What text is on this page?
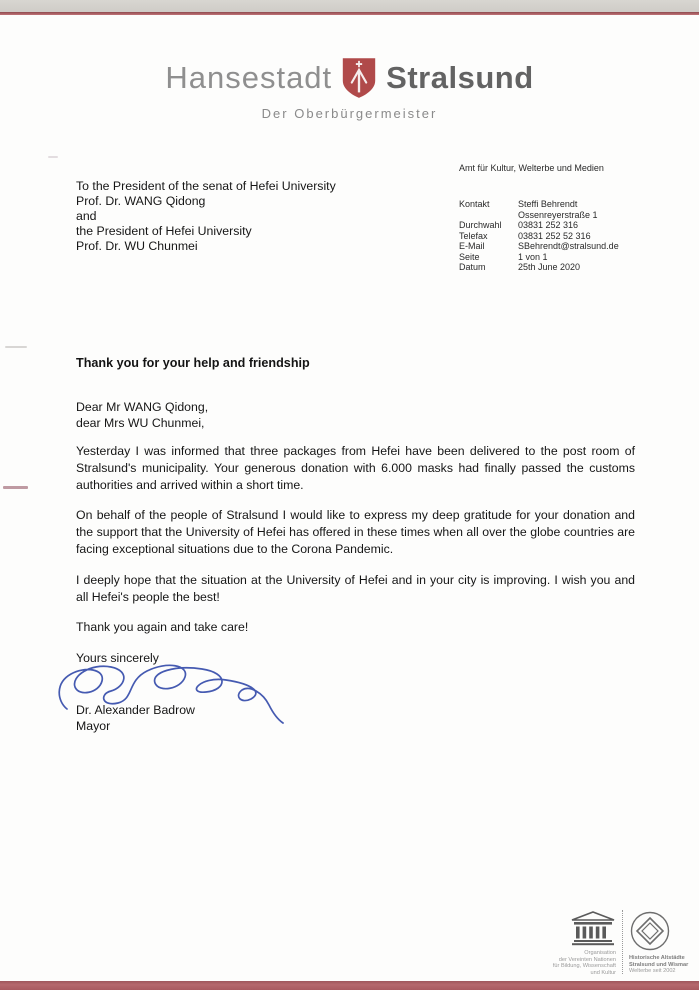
Hansestadt Stralsund
Der Oberbürgermeister
Amt für Kultur, Welterbe und Medien
To the President of the senat of Hefei University
Prof. Dr. WANG Qidong
and
the President of Hefei University
Prof. Dr. WU Chunmei
Kontakt	Steffi Behrendt
Ossenreyerstraße 1
Durchwahl	03831 252 316
Telefax	03831 252 52 316
E-Mail	SBehrendt@stralsund.de
Seite	1 von 1
Datum	25th June 2020
Thank you for your help and friendship
Dear Mr WANG Qidong,
dear Mrs WU Chunmei,

Yesterday I was informed that three packages from Hefei have been delivered to the post room of Stralsund's municipality. Your generous donation with 6.000 masks had finally passed the customs authorities and arrived within a short time.

On behalf of the people of Stralsund I would like to express my deep gratitude for your donation and the support that the University of Hefei has offered in these times when all over the globe countries are facing exceptional situations due to the Corona Pandemic.

I deeply hope that the situation at the University of Hefei and in your city is improving. I wish you and all Hefei's people the best!

Thank you again and take care!

Yours sincerely

Dr. Alexander Badrow
Mayor
Organisation
der Vereinten Nationen
für Bildung, Wissenschaft
und Kultur
Historische Altstädte
Stralsund und Wismar
Welterbe seit 2002
